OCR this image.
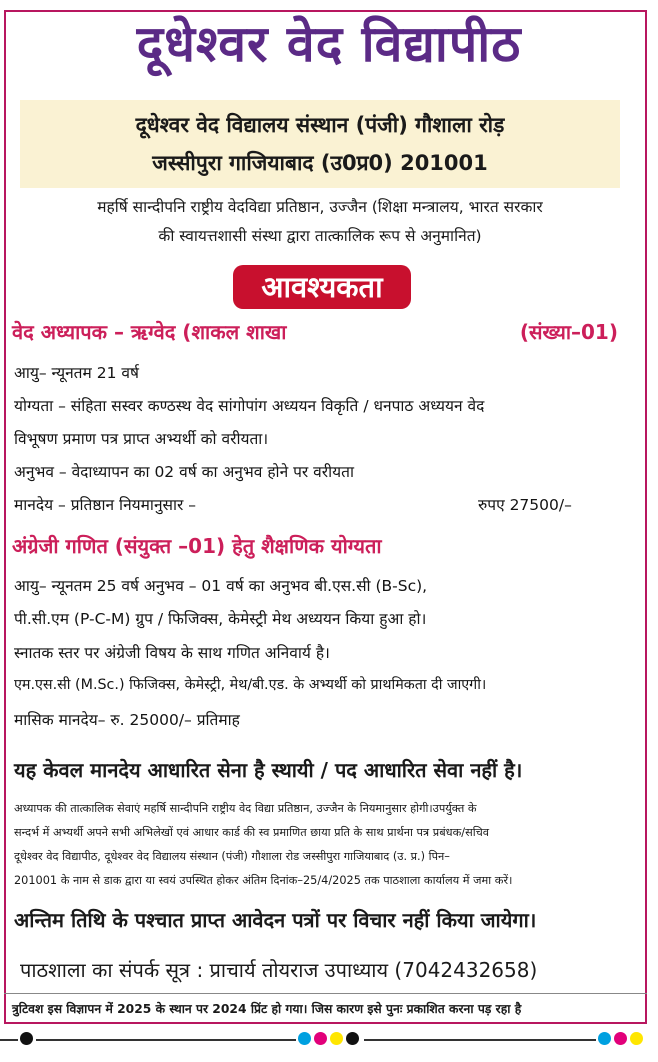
दूधेश्वर वेद विद्यापीठ
दूधेश्वर वेद विद्यालय संस्थान (पंजी) गौशाला रोड़
जस्सीपुरा गाजियाबाद (उ0प्र0) 201001
महर्षि सान्दीपनि राष्ट्रीय वेदविद्या प्रतिष्ठान, उज्जैन (शिक्षा मन्त्रालय, भारत सरकार
की स्वायत्तशासी संस्था द्वारा तात्कालिक रूप से अनुमानित)
आवश्यकता
वेद अध्यापक – ऋग्वेद (शाकल शाखा	(संख्या–01)
आयु– न्यूनतम 21 वर्ष
योग्यता – संहिता सस्वर कण्ठस्थ वेद सांगोपांग अध्ययन विकृति / धनपाठ अध्ययन वेद
विभूषण प्रमाण पत्र प्राप्त अभ्यर्थी को वरीयता।
अनुभव – वेदाध्यापन का 02 वर्ष का अनुभव होने पर वरीयता
मानदेय – प्रतिष्ठान नियमानुसार –	रुपए 27500/–
अंग्रेजी गणित (संयुक्त –01) हेतु शैक्षणिक योग्यता
आयु– न्यूनतम 25 वर्ष अनुभव – 01 वर्ष का अनुभव बी.एस.सी (B-Sc),
पी.सी.एम (P-C-M) ग्रुप / फिजिक्स, केमेस्ट्री मेथ अध्ययन किया हुआ हो।
स्नातक स्तर पर अंग्रेजी विषय के साथ गणित अनिवार्य है।
एम.एस.सी (M.Sc.) फिजिक्स, केमेस्ट्री, मेथ/बी.एड. के अभ्यर्थी को प्राथमिकता दी जाएगी।
मासिक मानदेय– रु. 25000/– प्रतिमाह
यह केवल मानदेय आधारित सेना है स्थायी / पद आधारित सेवा नहीं है।

अध्यापक की तात्कालिक सेवाएं महर्षि सान्दीपनि राष्ट्रीय वेद विद्या प्रतिष्ठान, उज्जैन के नियमानुसार होगी।उपर्युक्त के

सन्दर्भ में अभ्यर्थी अपने सभी अभिलेखों एवं आधार कार्ड की स्व प्रमाणित छाया प्रति के साथ प्रार्थना पत्र प्रबंधक/सचिव

दूधेश्वर वेद विद्यापीठ, दूधेश्वर वेद विद्यालय संस्थान (पंजी) गौशाला रोड जस्सीपुरा गाजियाबाद (उ. प्र.) पिन–

201001 के नाम से डाक द्वारा या स्वयं उपस्थित होकर अंतिम दिनांक–25/4/2025 तक पाठशाला कार्यालय में जमा करें।

अन्तिम तिथि के पश्चात प्राप्त आवेदन पत्रों पर विचार नहीं किया जायेगा।
पाठशाला का संपर्क सूत्र : प्राचार्य तोयराज उपाध्याय (7042432658)
त्रुटिवश इस विज्ञापन में 2025 के स्थान पर 2024 प्रिंट हो गया। जिस कारण इसे पुनः प्रकाशित करना पड़ रहा है
